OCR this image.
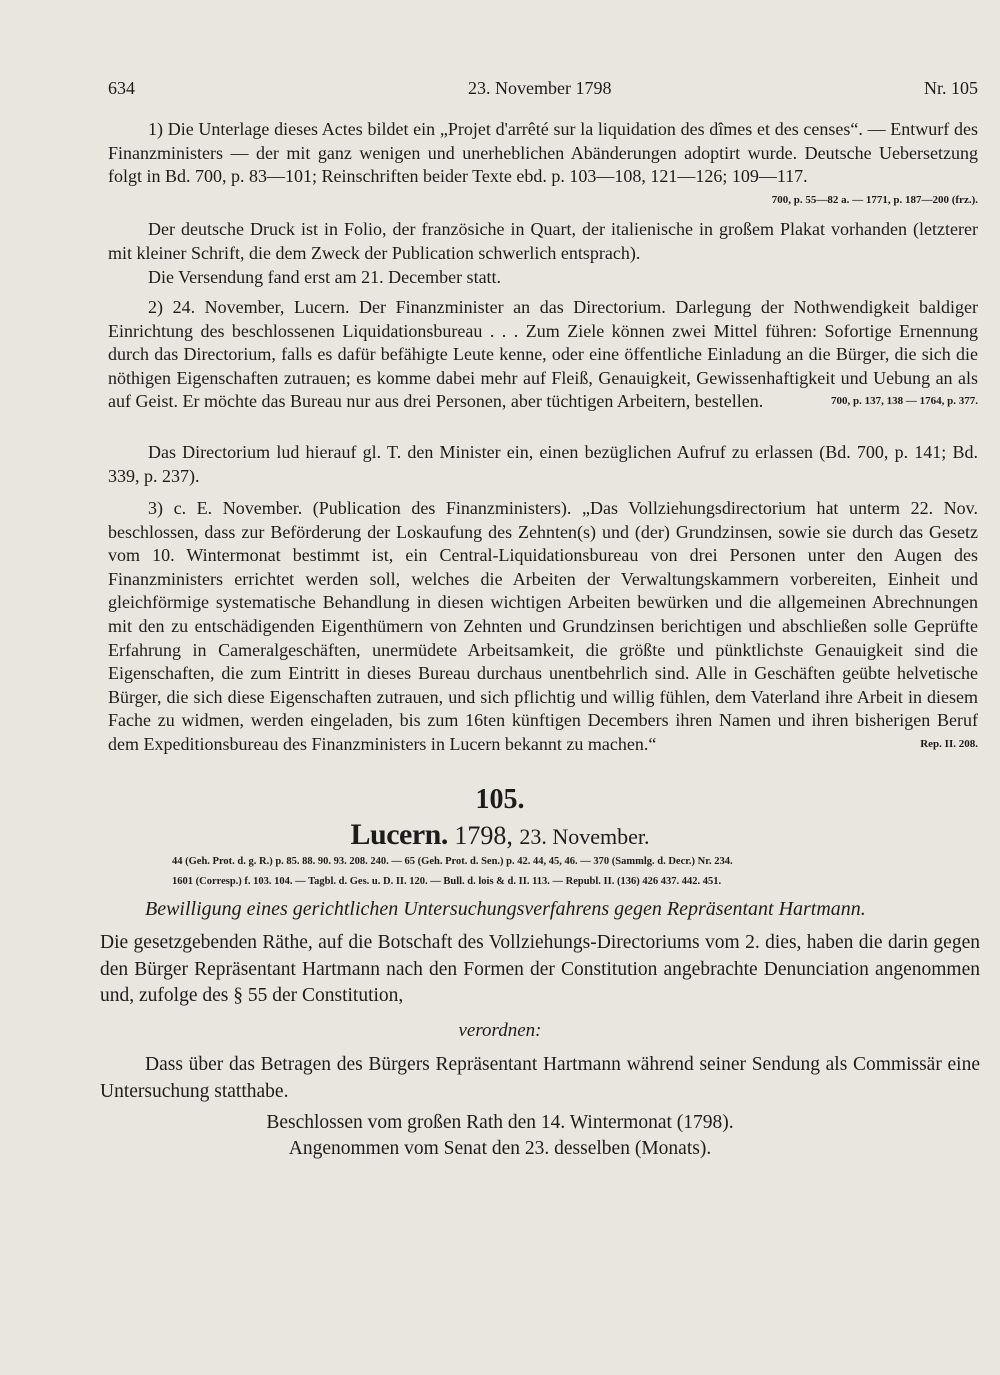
634	23. November 1798	Nr. 105

1) Die Unterlage dieses Actes bildet ein „Projet d'arrêté sur la liquidation des dîmes et des censes“. — Entwurf des Finanzministers — der mit ganz wenigen und unerheblichen Abänderungen adoptirt wurde. Deutsche Uebersetzung folgt in Bd. 700, p. 83—101; Reinschriften beider Texte ebd. p. 103—108, 121—126; 109—117.
700, p. 55—82 a. — 1771, p. 187—200 (frz.).

Der deutsche Druck ist in Folio, der französiche in Quart, der italienische in großem Plakat vorhanden (letzterer mit kleiner Schrift, die dem Zweck der Publication schwerlich entsprach).

Die Versendung fand erst am 21. December statt.

2) 24. November, Lucern. Der Finanzminister an das Directorium. Darlegung der Nothwendigkeit baldiger Einrichtung des beschlossenen Liquidationsbureau . . . Zum Ziele können zwei Mittel führen: Sofortige Ernennung durch das Directorium, falls es dafür befähigte Leute kenne, oder eine öffentliche Einladung an die Bürger, die sich die nöthigen Eigenschaften zutrauen; es komme dabei mehr auf Fleiß, Genauigkeit, Gewissenhaftigkeit und Uebung an als auf Geist. Er möchte das Bureau nur aus drei Personen, aber tüchtigen Arbeitern, bestellen.	700, p. 137, 138 — 1764, p. 377.

Das Directorium lud hierauf gl. T. den Minister ein, einen bezüglichen Aufruf zu erlassen (Bd. 700, p. 141; Bd. 339, p. 237).

3) c. E. November. (Publication des Finanzministers). „Das Vollziehungsdirectorium hat unterm 22. Nov. beschlossen, dass zur Beförderung der Loskaufung des Zehnten(s) und (der) Grundzinsen, sowie sie durch das Gesetz vom 10. Wintermonat bestimmt ist, ein Central-Liquidationsbureau von drei Personen unter den Augen des Finanzministers errichtet werden soll, welches die Arbeiten der Verwaltungskammern vorbereiten, Einheit und gleichförmige systematische Behandlung in diesen wichtigen Arbeiten bewürken und die allgemeinen Abrechnungen mit den zu entschädigenden Eigenthümern von Zehnten und Grundzinsen berichtigen und abschließen solle Geprüfte Erfahrung in Cameralgeschäften, unermüdete Arbeitsamkeit, die größte und pünktlichste Genauigkeit sind die Eigenschaften, die zum Eintritt in dieses Bureau durchaus unentbehrlich sind. Alle in Geschäften geübte helvetische Bürger, die sich diese Eigenschaften zutrauen, und sich pflichtig und willig fühlen, dem Vaterland ihre Arbeit in diesem Fache zu widmen, werden eingeladen, bis zum 16ten künftigen Decembers ihren Namen und ihren bisherigen Beruf dem Expeditionsbureau des Finanzministers in Lucern bekannt zu machen.“	Rep. II. 208.

105.
Lucern. 1798, 23. November.
44 (Geh. Prot. d. g. R.) p. 85. 88. 90. 93. 208. 240. — 65 (Geh. Prot. d. Sen.) p. 42. 44, 45, 46. — 370 (Sammlg. d. Decr.) Nr. 234.
1601 (Corresp.) f. 103. 104. — Tagbl. d. Ges. u. D. II. 120. — Bull. d. lois & d. II. 113. — Republ. II. (136) 426 437. 442. 451.
Bewilligung eines gerichtlichen Untersuchungsverfahrens gegen Repräsentant Hartmann.

Die gesetzgebenden Räthe, auf die Botschaft des Vollziehungs-Directoriums vom 2. dies, haben die darin gegen den Bürger Repräsentant Hartmann nach den Formen der Constitution angebrachte Denunciation angenommen und, zufolge des § 55 der Constitution,

verordnen:

Dass über das Betragen des Bürgers Repräsentant Hartmann während seiner Sendung als Commissär eine Untersuchung statthabe.

Beschlossen vom großen Rath den 14. Wintermonat (1798).
Angenommen vom Senat den 23. desselben (Monats).
